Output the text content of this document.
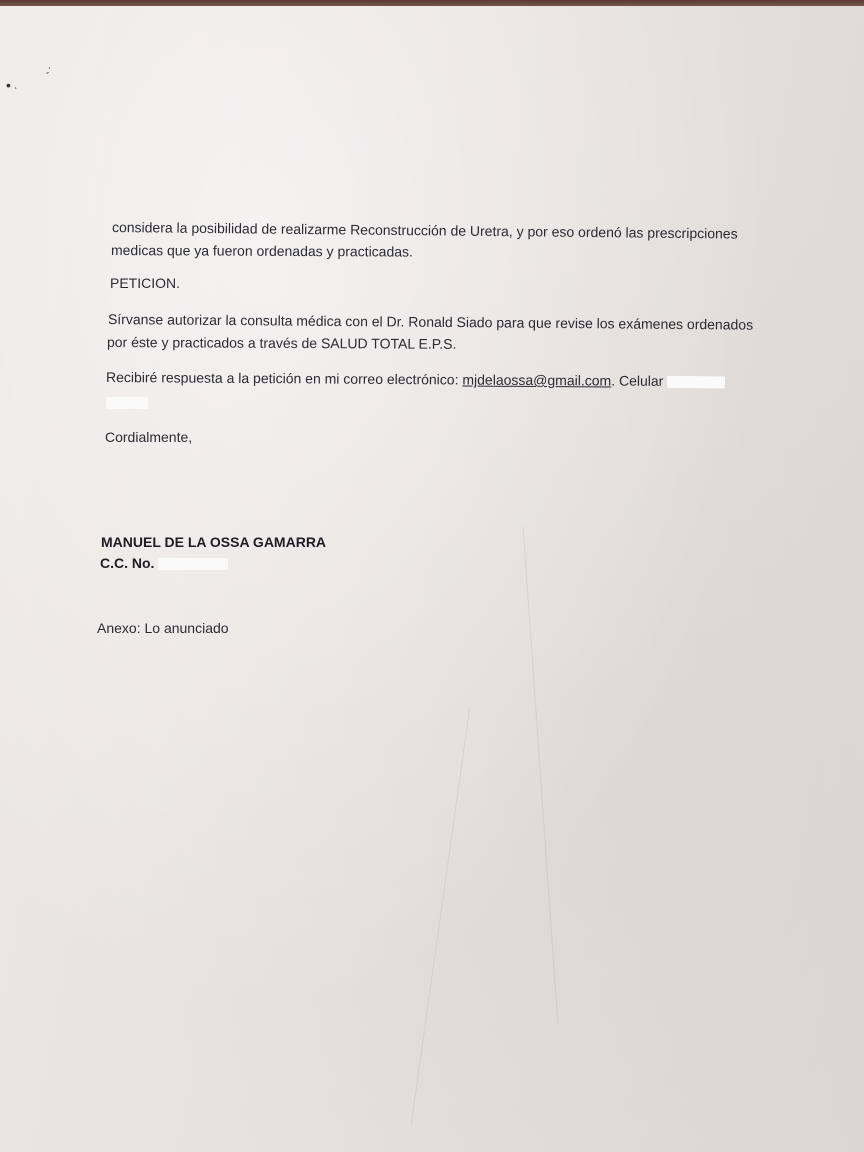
• ˋ
-ˊ
considera la posibilidad de realizarme Reconstrucción de Uretra, y por eso ordenó las prescripciones
medicas que ya fueron ordenadas y practicadas.
PETICION.
Sírvanse autorizar la consulta médica con el Dr. Ronald Siado para que revise los exámenes ordenados
por éste y practicados a través de SALUD TOTAL E.P.S.
Recibiré respuesta a la petición en mi correo electrónico: mjdelaossa@gmail.com. Celular
Cordialmente,
MANUEL DE LA OSSA GAMARRA
C.C. No.
Anexo: Lo anunciado
